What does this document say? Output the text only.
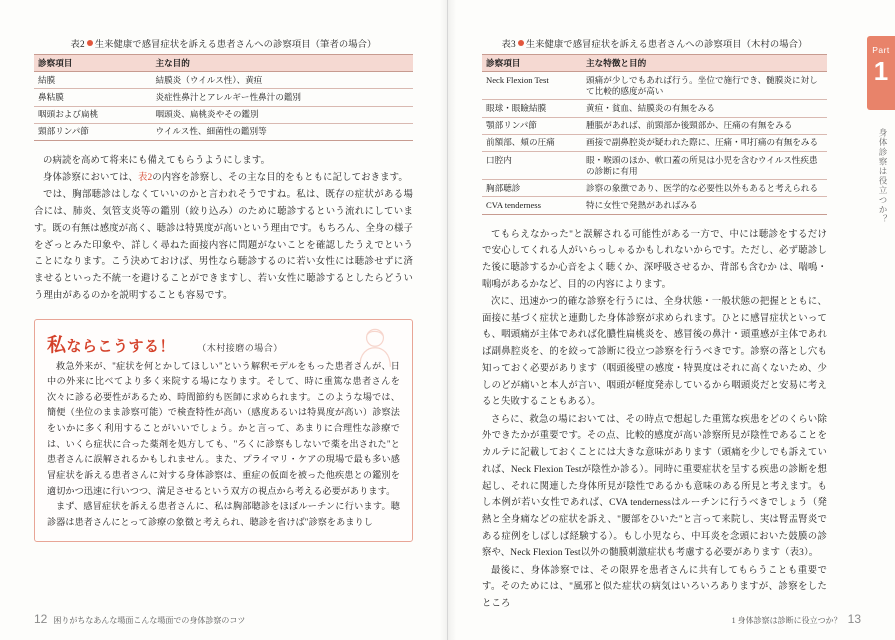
表2 生来健康で感冒症状を訴える患者さんへの診察項目（筆者の場合）
診察項目	主な目的
結膜	結膜炎（ウイルス性）、黄疸
鼻粘膜	炎症性鼻汁とアレルギー性鼻汁の鑑別
咽頭および扁桃	咽頭炎、扁桃炎やその鑑別
頸部リンパ節	ウイルス性、細菌性の鑑別等

の病読を高めて将来にも備えてもらうようにします。

身体診察においては、表2の内容を診察し、その主な目的をもともに記しておきます。

では、胸部聴診はしなくていいのかと言われそうですね。私は、既存の症状がある場合には、肺炎、気管支炎等の鑑別（絞り込み）のために聴診するという流れにしています。既の有無は感度が高く、聴診は特異度が高いという理由です。もちろん、全身の様子をざっとみた印象や、詳しく尋ねた面接内容に問題がないことを確認したうえでということになります。こう決めておけば、男性なら聴診するのに若い女性には聴診せずに済ませるといった不統一を避けることができますし、若い女性に聴診するとしたらどういう理由があるのかを説明することも容易です。

私ならこうする！ （木村接磨の場合）

救急外来が、"症状を何とかしてほしい"という解釈モデルをもった患者さんが、日中の外来に比べてより多く来院する場になります。そして、時に重篤な患者さんを次々に診る必要性があるため、時間節約も医師に求められます。このような場では、簡便（坐位のまま診察可能）で検査特性が高い（感度あるいは特異度が高い）診察法をいかに多く利用することがいいでしょう。かと言って、あまりに合理性な診療では、いくら症状に合った薬剤を処方しても、"ろくに診察もしないで薬を出された"と患者さんに誤解されるかもしれません。また、プライマリ・ケアの現場で最も多い感冒症状を訴える患者さんに対する身体診察は、重症の仮面を被った他疾患との鑑別を適切かつ迅速に行いつつ、満足させるという双方の視点から考える必要があります。

まず、感冒症状を訴える患者さんに、私は胸部聴診をほぼルーチンに行います。聴診器は患者さんにとって診療の象徴と考えられ、聴診を省けば"診察をあまりし

12 困りがちなあんな場面こんな場面での身体診察のコツ
表3 生来健康で感冒症状を訴える患者さんへの診察項目（木村の場合）
診察項目	主な特徴と目的
Neck Flexion Test	頭痛が少しでもあれば行う。坐位で施行でき、髄膜炎に対して比較的感度が高い
眼球・眼瞼結膜	黄疸・貧血、結膜炎の有無をみる
顎部リンパ節	腫脹があれば、前頸部か後頸部か、圧痛の有無をみる
前額部、頬の圧痛	画接で副鼻腔炎が疑われた際に、圧痛・叩打痛の有無をみる
口腔内	眼・喉頭のほか、軟口蓋の所見は小児を含むウイルス性疾患の診断に有用
胸部聴診	診察の象徴であり、医学的な必要性以外もあると考えられる
CVA tenderness	特に女性で発熱があればみる

てもらえなかった"と誤解される可能性がある一方で、中には聴診をするだけで安心してくれる人がいらっしゃるかもしれないからです。ただし、必ず聴診した後に聴診するか心音をよく聴くか、深呼吸させるか、背部も含むか は、喘鳴・喘鳴があるかなど、目的の内容によります。

次に、迅速かつ的確な診察を行うには、全身状態・一般状態の把握とともに、面接に基づく症状と連動した身体診察が求められます。ひとに感冒症状といっても、咽頭痛が主体であれば化膿性扁桃炎を、感冒後の鼻汁・頭重感が主体であれば副鼻腔炎を、的を絞って診断に役立つ診察を行うべきです。診察の落とし穴も知っておく必要があります（咽頭後壁の感度・特異度はそれに高くないため、少しのどが痛いと本人が言い、咽頭が軽度発赤しているから咽頭炎だと安易に考えると失敗することもある）。

さらに、救急の場においては、その時点で想起した重篤な疾患をどのくらい除外できたかが重要です。その点、比較的感度が高い診察所見が陰性であることをカルテに記載しておくことには大きな意味があります（頭痛を少しでも訴えていれば、Neck Flexion Testが陰性か診る）。同時に重要症状を呈する疾患の診断を想起し、それに関連した身体所見が陰性であるかも意味のある所見と考えます。もし本例が若い女性であれば、CVA tendernessはルーチンに行うべきでしょう（発熱と全身痛などの症状を訴え、"腰部をひいた"と言って来院し、実は腎盂腎炎である症例をしばしば経験する）。もし小児なら、中耳炎を念頭においた鼓膜の診察や、Neck Flexion Test以外の髄膜刺激症状も考慮する必要があります（表3）。

最後に、身体診察では、その限界を患者さんに共有してもらうことも重要です。そのためには、"風邪と似た症状の病気はいろいろありますが、診察をしたところ

Part
1
身体診察は役立つか？
1 身体診察は診断に役立つか？ 13
